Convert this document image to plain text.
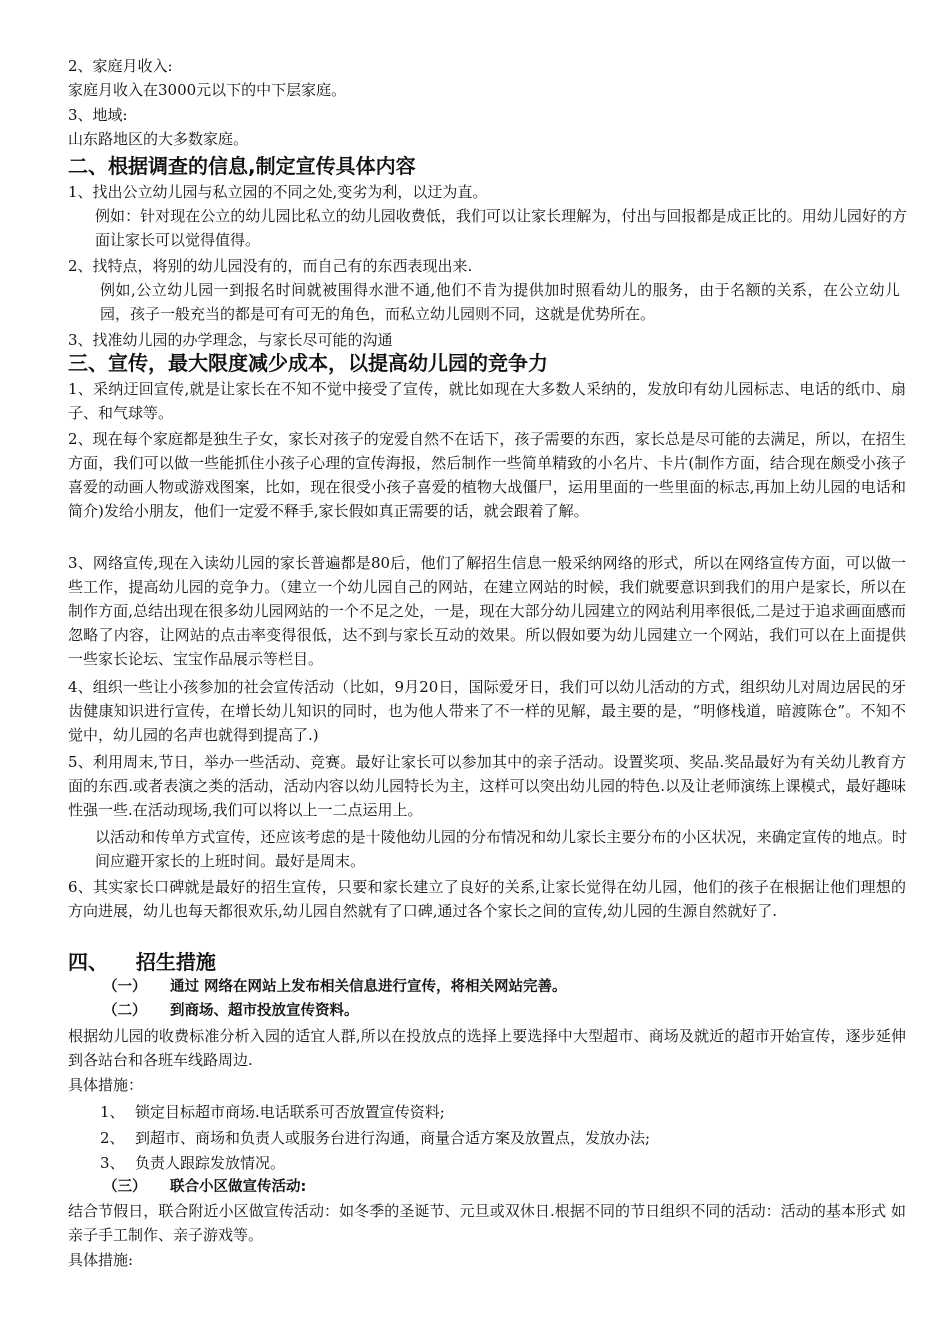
2、家庭月收入:
家庭月收入在3000元以下的中下层家庭。
3、地域:
山东路地区的大多数家庭。
二、根据调查的信息,制定宣传具体内容
1、找出公立幼儿园与私立园的不同之处,变劣为利，以迂为直。
例如：针对现在公立的幼儿园比私立的幼儿园收费低，我们可以让家长理解为，付出与回报都是成正比的。用幼儿园好的方面让家长可以觉得值得。
2、找特点，将别的幼儿园没有的，而自己有的东西表现出来.
例如,公立幼儿园一到报名时间就被围得水泄不通,他们不肯为提供加时照看幼儿的服务，由于名额的关系，在公立幼儿园，孩子一般充当的都是可有可无的角色，而私立幼儿园则不同，这就是优势所在。
3、找准幼儿园的办学理念，与家长尽可能的沟通
三、宣传，最大限度减少成本，以提高幼儿园的竞争力
1、采纳迂回宣传,就是让家长在不知不觉中接受了宣传，就比如现在大多数人采纳的，发放印有幼儿园标志、电话的纸巾、扇子、和气球等。
2、现在每个家庭都是独生子女，家长对孩子的宠爱自然不在话下，孩子需要的东西，家长总是尽可能的去满足，所以，在招生方面，我们可以做一些能抓住小孩子心理的宣传海报，然后制作一些简单精致的小名片、卡片(制作方面，结合现在颇受小孩子喜爱的动画人物或游戏图案，比如，现在很受小孩子喜爱的植物大战僵尸，运用里面的一些里面的标志,再加上幼儿园的电话和简介)发给小朋友，他们一定爱不释手,家长假如真正需要的话，就会跟着了解。
3、网络宣传,现在入读幼儿园的家长普遍都是80后，他们了解招生信息一般采纳网络的形式，所以在网络宣传方面，可以做一些工作，提高幼儿园的竞争力。（建立一个幼儿园自己的网站，在建立网站的时候，我们就要意识到我们的用户是家长，所以在制作方面,总结出现在很多幼儿园网站的一个不足之处，一是，现在大部分幼儿园建立的网站利用率很低,二是过于追求画面感而忽略了内容，让网站的点击率变得很低，达不到与家长互动的效果。所以假如要为幼儿园建立一个网站，我们可以在上面提供一些家长论坛、宝宝作品展示等栏目。
4、组织一些让小孩参加的社会宣传活动（比如，9月20日，国际爱牙日，我们可以幼儿活动的方式，组织幼儿对周边居民的牙齿健康知识进行宣传，在增长幼儿知识的同时，也为他人带来了不一样的见解，最主要的是，“明修栈道，暗渡陈仓”。不知不觉中，幼儿园的名声也就得到提高了.)
5、利用周末,节日，举办一些活动、竞赛。最好让家长可以参加其中的亲子活动。设置奖项、奖品.奖品最好为有关幼儿教育方面的东西.或者表演之类的活动，活动内容以幼儿园特长为主，这样可以突出幼儿园的特色.以及让老师演练上课模式，最好趣味性强一些.在活动现场,我们可以将以上一二点运用上。
以活动和传单方式宣传，还应该考虑的是十陵他幼儿园的分布情况和幼儿家长主要分布的小区状况，来确定宣传的地点。时间应避开家长的上班时间。最好是周末。
6、其实家长口碑就是最好的招生宣传，只要和家长建立了良好的关系,让家长觉得在幼儿园，他们的孩子在根据让他们理想的方向进展，幼儿也每天都很欢乐,幼儿园自然就有了口碑,通过各个家长之间的宣传,幼儿园的生源自然就好了.
四、    招生措施
（一） 通过 网络在网站上发布相关信息进行宣传，将相关网站完善。
（二） 到商场、超市投放宣传资料。
根据幼儿园的收费标准分析入园的适宜人群,所以在投放点的选择上要选择中大型超市、商场及就近的超市开始宣传，逐步延伸到各站台和各班车线路周边.
具体措施：
1、 锁定目标超市商场.电话联系可否放置宣传资料;
2、 到超市、商场和负责人或服务台进行沟通，商量合适方案及放置点，发放办法;
3、 负责人跟踪发放情况。
（三） 联合小区做宣传活动:
结合节假日，联合附近小区做宣传活动：如冬季的圣诞节、元旦或双休日.根据不同的节日组织不同的活动：活动的基本形式 如亲子手工制作、亲子游戏等。
具体措施:
